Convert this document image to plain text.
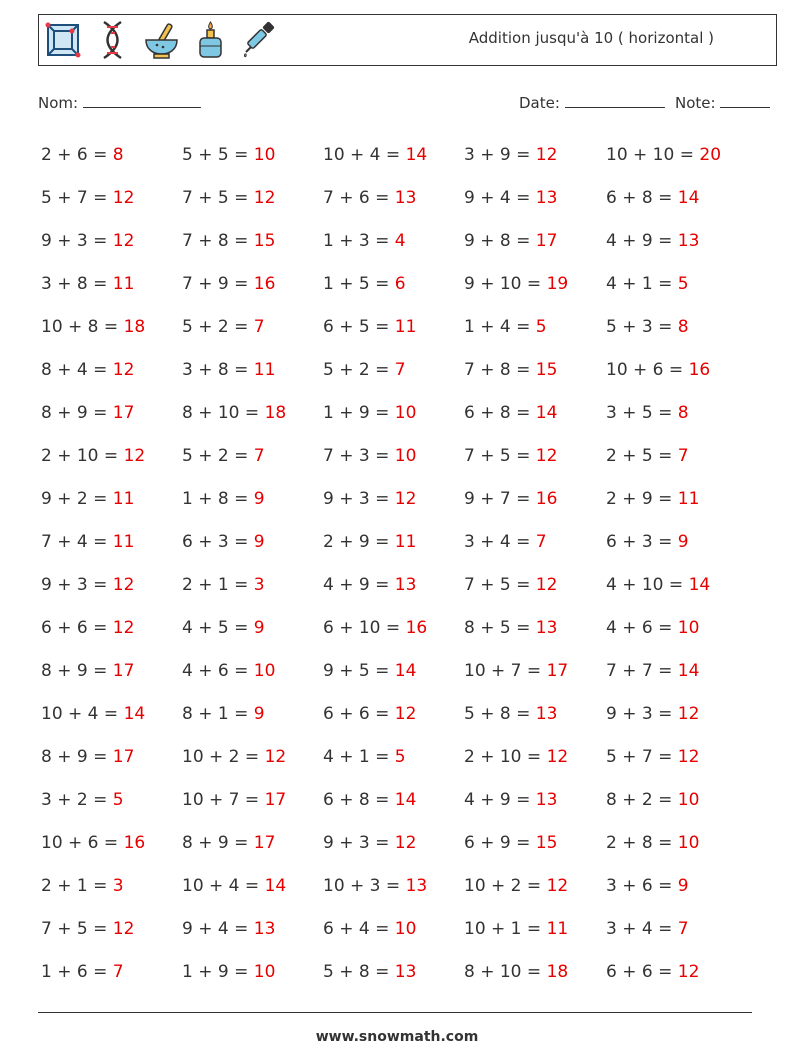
Addition jusqu'à 10 ( horizontal )
Nom:	Date:	Note:
2 + 6 = 8	5 + 5 = 10	10 + 4 = 14 3 + 9 = 12	10 + 10 = 20
5 + 7 = 12	7 + 5 = 12	7 + 6 = 13	9 + 4 = 13	6 + 8 = 14
9 + 3 = 12	7 + 8 = 15	1 + 3 = 4	9 + 8 = 17	4 + 9 = 13
3 + 8 = 11	7 + 9 = 16	1 + 5 = 6	9 + 10 = 19 4 + 1 = 5
10 + 8 = 18 5 + 2 = 7	6 + 5 = 11	1 + 4 = 5	5 + 3 = 8
8 + 4 = 12	3 + 8 = 11	5 + 2 = 7	7 + 8 = 15	10 + 6 = 16
8 + 9 = 17	8 + 10 = 18 1 + 9 = 10	6 + 8 = 14	3 + 5 = 8
2 + 10 = 12 5 + 2 = 7	7 + 3 = 10	7 + 5 = 12	2 + 5 = 7
9 + 2 = 11	1 + 8 = 9	9 + 3 = 12	9 + 7 = 16	2 + 9 = 11
7 + 4 = 11	6 + 3 = 9	2 + 9 = 11	3 + 4 = 7	6 + 3 = 9
9 + 3 = 12	2 + 1 = 3	4 + 9 = 13	7 + 5 = 12	4 + 10 = 14
6 + 6 = 12	4 + 5 = 9	6 + 10 = 16 8 + 5 = 13	4 + 6 = 10
8 + 9 = 17	4 + 6 = 10	9 + 5 = 14	10 + 7 = 17 7 + 7 = 14
10 + 4 = 14 8 + 1 = 9	6 + 6 = 12	5 + 8 = 13	9 + 3 = 12
8 + 9 = 17	10 + 2 = 12 4 + 1 = 5	2 + 10 = 12 5 + 7 = 12
3 + 2 = 5	10 + 7 = 17 6 + 8 = 14	4 + 9 = 13	8 + 2 = 10
10 + 6 = 16 8 + 9 = 17	9 + 3 = 12	6 + 9 = 15	2 + 8 = 10
2 + 1 = 3	10 + 4 = 14 10 + 3 = 13 10 + 2 = 12 3 + 6 = 9
7 + 5 = 12	9 + 4 = 13	6 + 4 = 10	10 + 1 = 11 3 + 4 = 7
1 + 6 = 7	1 + 9 = 10	5 + 8 = 13	8 + 10 = 18 6 + 6 = 12
www.snowmath.com
